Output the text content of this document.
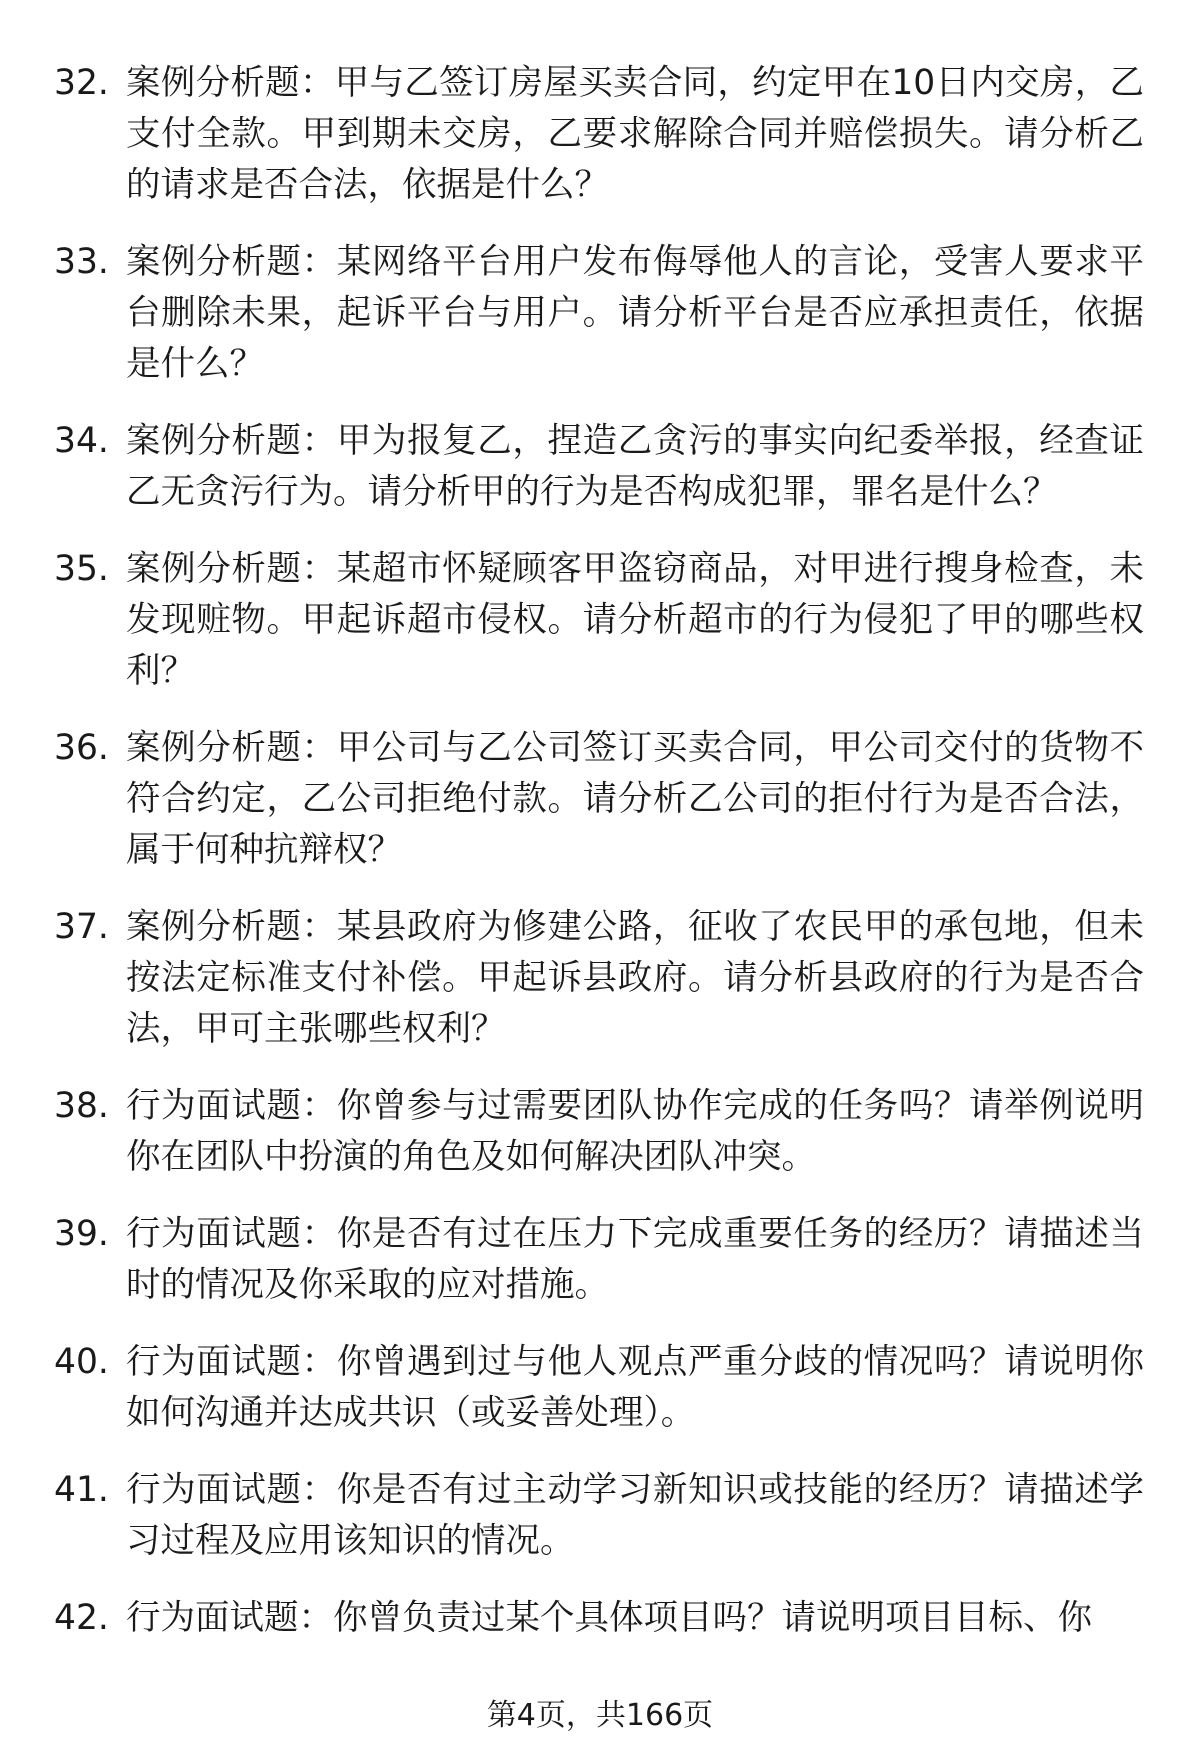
32. 案例分析题：甲与乙签订房屋买卖合同，约定甲在10日内交房，乙支付全款。甲到期未交房，乙要求解除合同并赔偿损失。请分析乙的请求是否合法，依据是什么？
33. 案例分析题：某网络平台用户发布侮辱他人的言论，受害人要求平台删除未果，起诉平台与用户。请分析平台是否应承担责任，依据是什么？
34. 案例分析题：甲为报复乙，捏造乙贪污的事实向纪委举报，经查证乙无贪污行为。请分析甲的行为是否构成犯罪，罪名是什么？
35. 案例分析题：某超市怀疑顾客甲盗窃商品，对甲进行搜身检查，未发现赃物。甲起诉超市侵权。请分析超市的行为侵犯了甲的哪些权利？
36. 案例分析题：甲公司与乙公司签订买卖合同，甲公司交付的货物不符合约定，乙公司拒绝付款。请分析乙公司的拒付行为是否合法，属于何种抗辩权？
37. 案例分析题：某县政府为修建公路，征收了农民甲的承包地，但未按法定标准支付补偿。甲起诉县政府。请分析县政府的行为是否合法，甲可主张哪些权利？
38. 行为面试题：你曾参与过需要团队协作完成的任务吗？请举例说明你在团队中扮演的角色及如何解决团队冲突。
39. 行为面试题：你是否有过在压力下完成重要任务的经历？请描述当时的情况及你采取的应对措施。
40. 行为面试题：你曾遇到过与他人观点严重分歧的情况吗？请说明你如何沟通并达成共识（或妥善处理）。
41. 行为面试题：你是否有过主动学习新知识或技能的经历？请描述学习过程及应用该知识的情况。
42. 行为面试题：你曾负责过某个具体项目吗？请说明项目目标、你
第4页，共166页
